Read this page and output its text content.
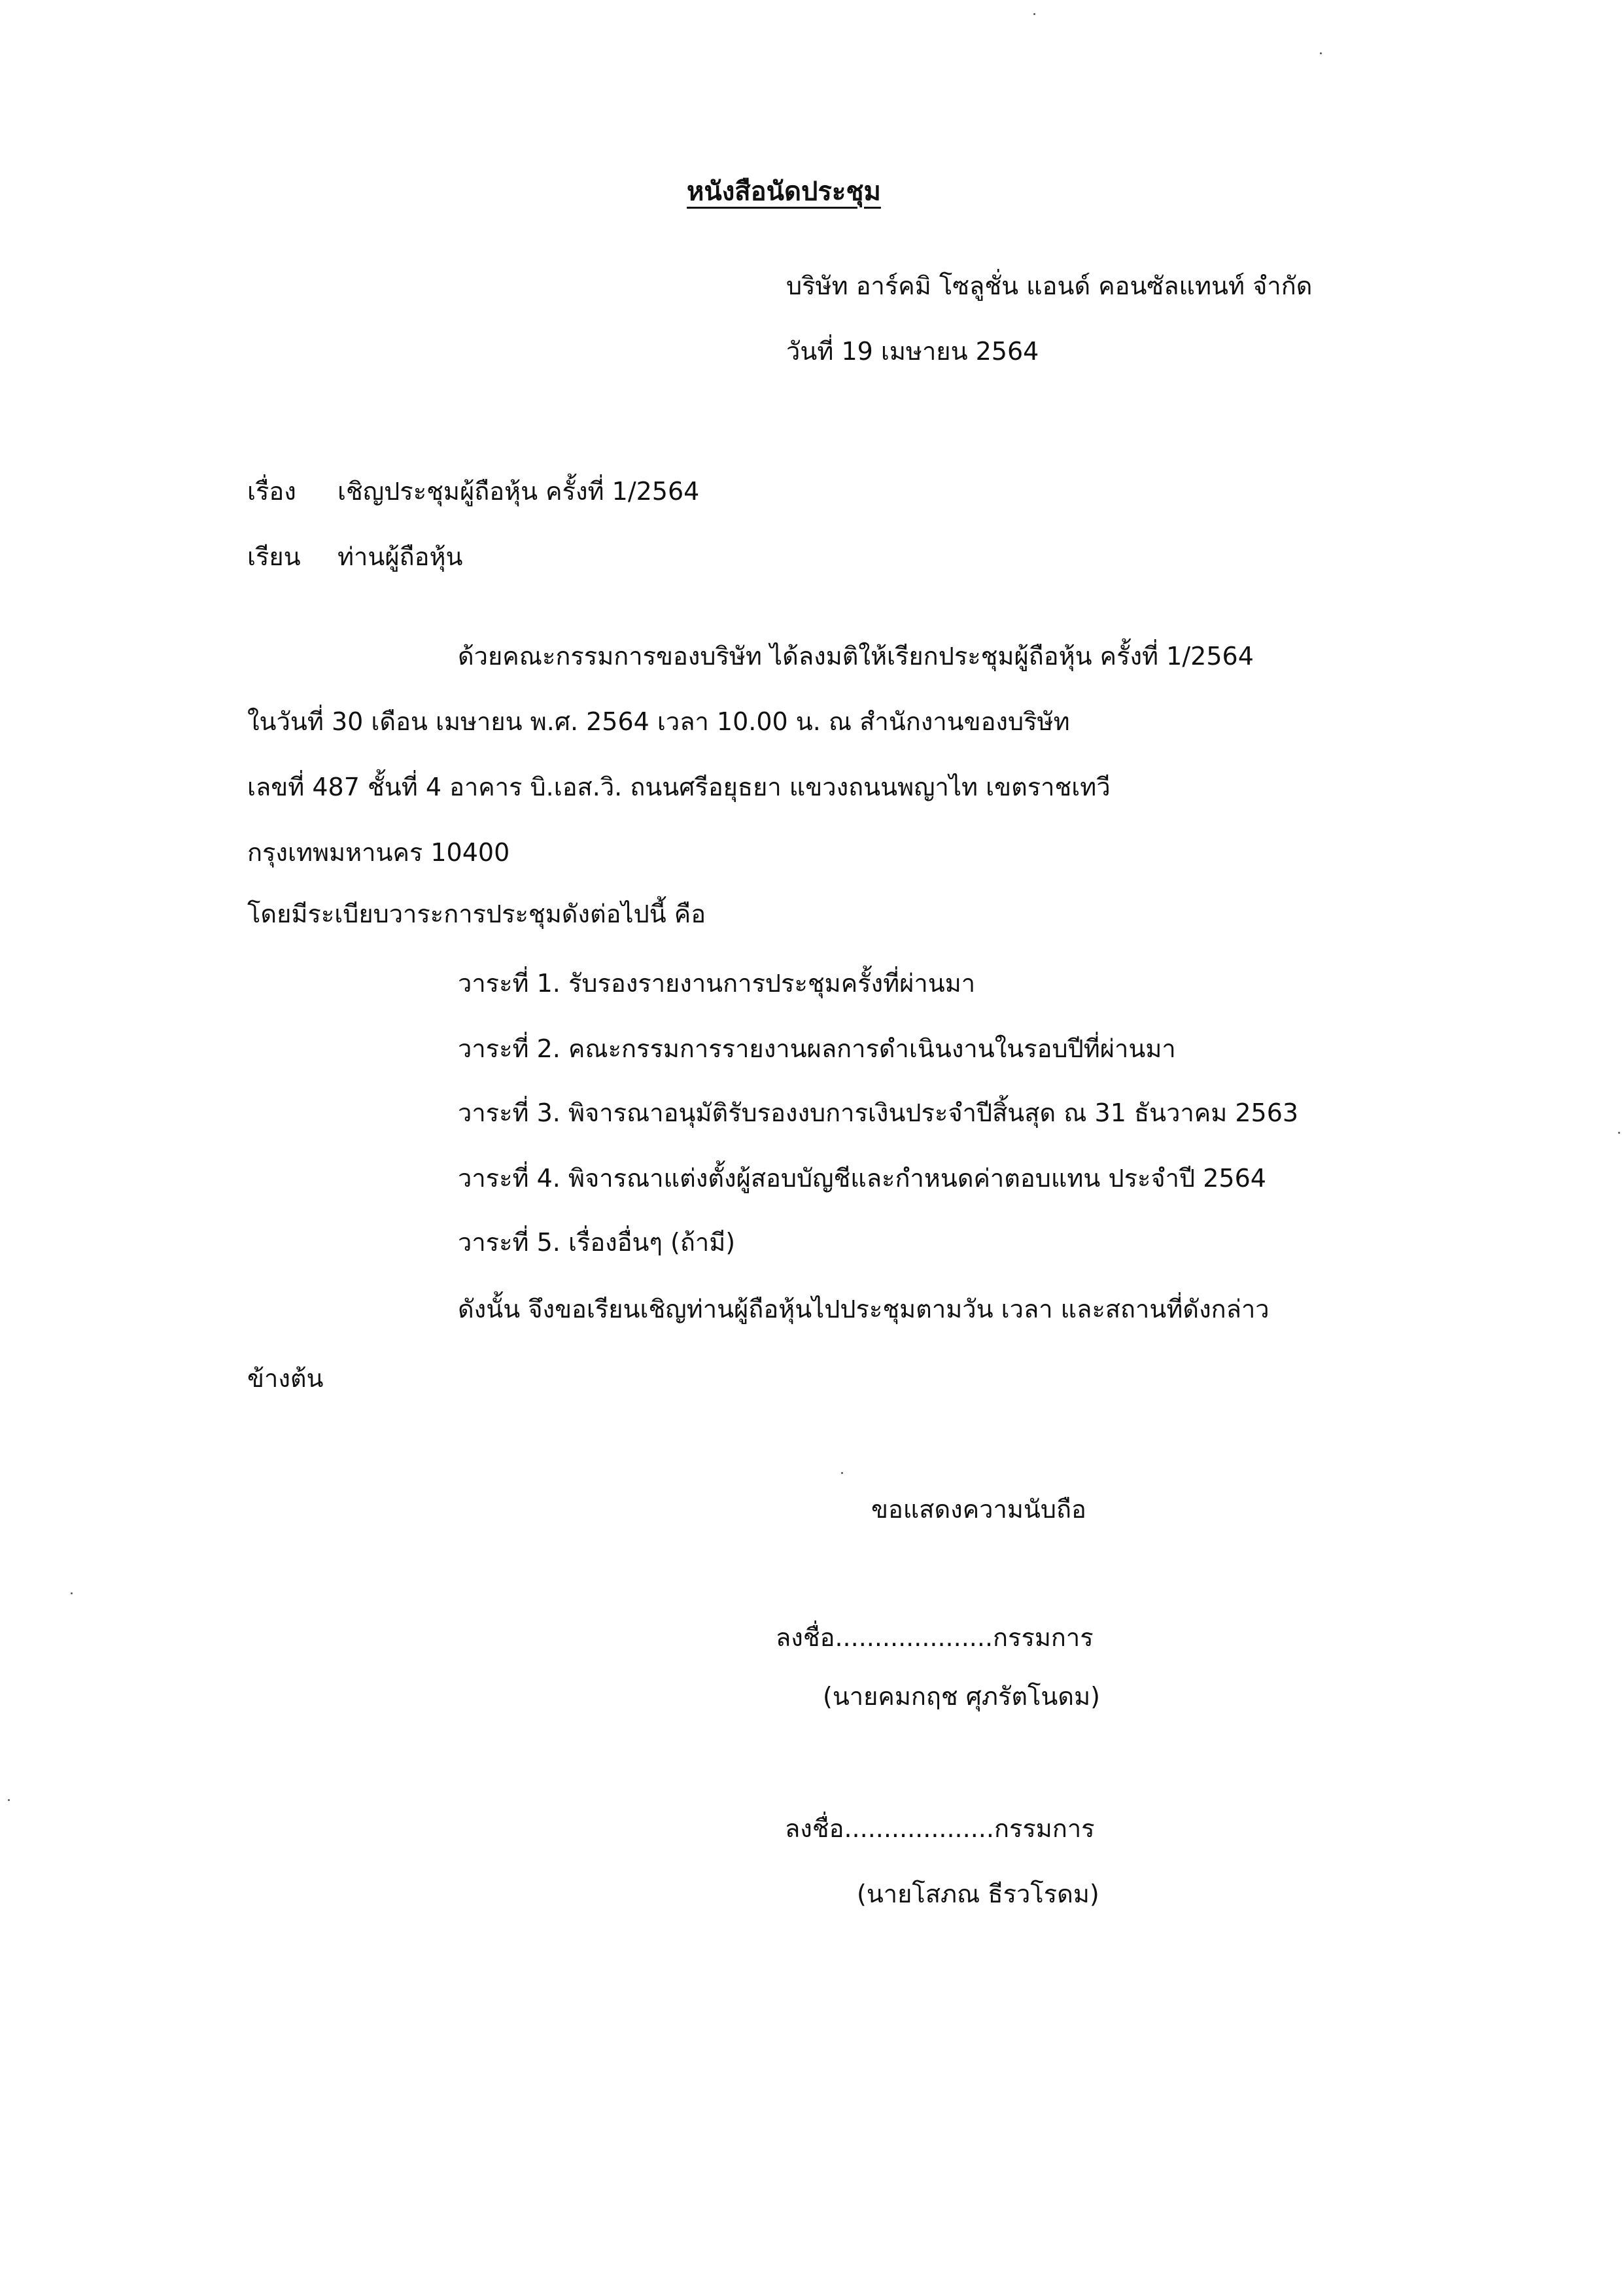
หนังสือนัดประชุม
บริษัท อาร์คมิ โซลูชั่น แอนด์ คอนซัลแทนท์ จำกัด
วันที่ 19 เมษายน 2564
เรื่อง เชิญประชุมผู้ถือหุ้น ครั้งที่ 1/2564
เรียน ท่านผู้ถือหุ้น
ด้วยคณะกรรมการของบริษัท ได้ลงมติให้เรียกประชุมผู้ถือหุ้น ครั้งที่ 1/2564
ในวันที่ 30 เดือน เมษายน พ.ศ. 2564 เวลา 10.00 น. ณ สำนักงานของบริษัท
เลขที่ 487 ชั้นที่ 4 อาคาร บิ.เอส.วิ. ถนนศรีอยุธยา แขวงถนนพญาไท เขตราชเทวี
กรุงเทพมหานคร 10400
โดยมีระเบียบวาระการประชุมดังต่อไปนี้ คือ
วาระที่ 1. รับรองรายงานการประชุมครั้งที่ผ่านมา
วาระที่ 2. คณะกรรมการรายงานผลการดำเนินงานในรอบปีที่ผ่านมา
วาระที่ 3. พิจารณาอนุมัติรับรองงบการเงินประจำปีสิ้นสุด ณ 31 ธันวาคม 2563
วาระที่ 4. พิจารณาแต่งตั้งผู้สอบบัญชีและกำหนดค่าตอบแทน ประจำปี 2564
วาระที่ 5. เรื่องอื่นๆ (ถ้ามี)
ดังนั้น จึงขอเรียนเชิญท่านผู้ถือหุ้นไปประชุมตามวัน เวลา และสถานที่ดังกล่าว
ข้างต้น
ขอแสดงความนับถือ
ลงชื่อ....................กรรมการ
(นายคมกฤช ศุภรัตโนดม)
ลงชื่อ...................กรรมการ
(นายโสภณ ธีรวโรดม)
